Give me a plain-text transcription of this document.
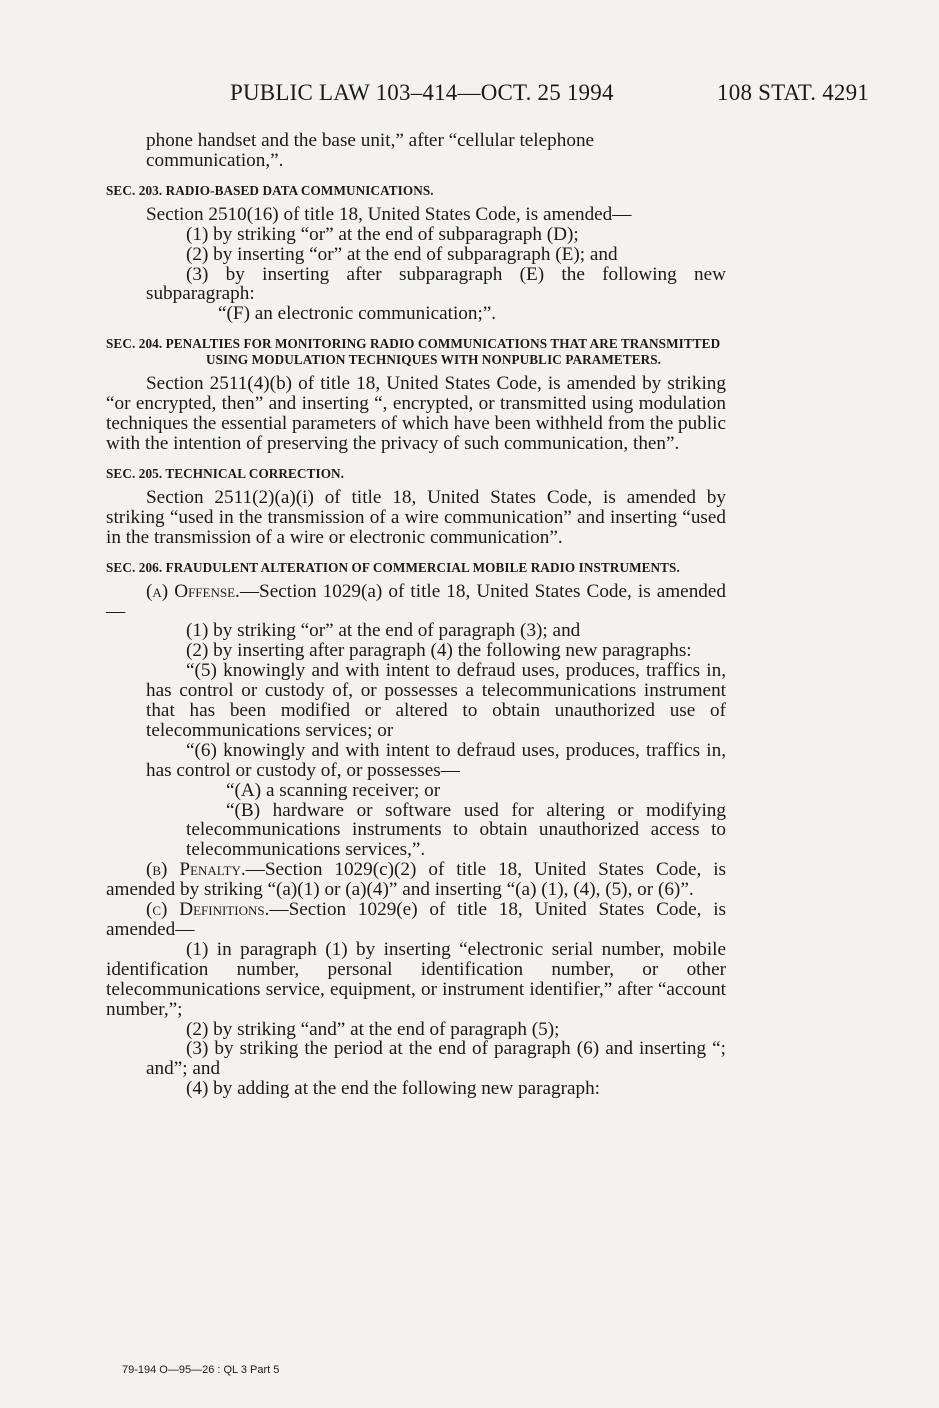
PUBLIC LAW 103–414—OCT. 25 1994	108 STAT. 4291

phone handset and the base unit,” after “cellular telephone

communication,”.

SEC. 203. RADIO-BASED DATA COMMUNICATIONS.

Section 2510(16) of title 18, United States Code, is amended—

(1) by striking “or” at the end of subparagraph (D);

(2) by inserting “or” at the end of subparagraph (E); and

(3) by inserting after subparagraph (E) the following new subparagraph:

“(F) an electronic communication;”.

SEC. 204. PENALTIES FOR MONITORING RADIO COMMUNICATIONS THAT ARE TRANSMITTED USING MODULATION TECHNIQUES WITH NONPUBLIC PARAMETERS.

Section 2511(4)(b) of title 18, United States Code, is amended by striking “or encrypted, then” and inserting “, encrypted, or transmitted using modulation techniques the essential parameters of which have been withheld from the public with the intention of preserving the privacy of such communication, then”.

SEC. 205. TECHNICAL CORRECTION.

Section 2511(2)(a)(i) of title 18, United States Code, is amended by striking “used in the transmission of a wire communication” and inserting “used in the transmission of a wire or electronic communication”.

SEC. 206. FRAUDULENT ALTERATION OF COMMERCIAL MOBILE RADIO INSTRUMENTS.

(a) Offense.—Section 1029(a) of title 18, United States Code, is amended—

(1) by striking “or” at the end of paragraph (3); and

(2) by inserting after paragraph (4) the following new paragraphs:

“(5) knowingly and with intent to defraud uses, produces, traffics in, has control or custody of, or possesses a telecommunications instrument that has been modified or altered to obtain unauthorized use of telecommunications services; or

“(6) knowingly and with intent to defraud uses, produces, traffics in, has control or custody of, or possesses—

“(A) a scanning receiver; or

“(B) hardware or software used for altering or modifying telecommunications instruments to obtain unauthorized access to telecommunications services,”.

(b) Penalty.—Section 1029(c)(2) of title 18, United States Code, is amended by striking “(a)(1) or (a)(4)” and inserting “(a) (1), (4), (5), or (6)”.

(c) Definitions.—Section 1029(e) of title 18, United States Code, is amended—

(1) in paragraph (1) by inserting “electronic serial number, mobile identification number, personal identification number, or other telecommunications service, equipment, or instrument identifier,” after “account number,”;

(2) by striking “and” at the end of paragraph (5);

(3) by striking the period at the end of paragraph (6) and inserting “; and”; and

(4) by adding at the end the following new paragraph:

79-194 O—95—26 : QL 3 Part 5
